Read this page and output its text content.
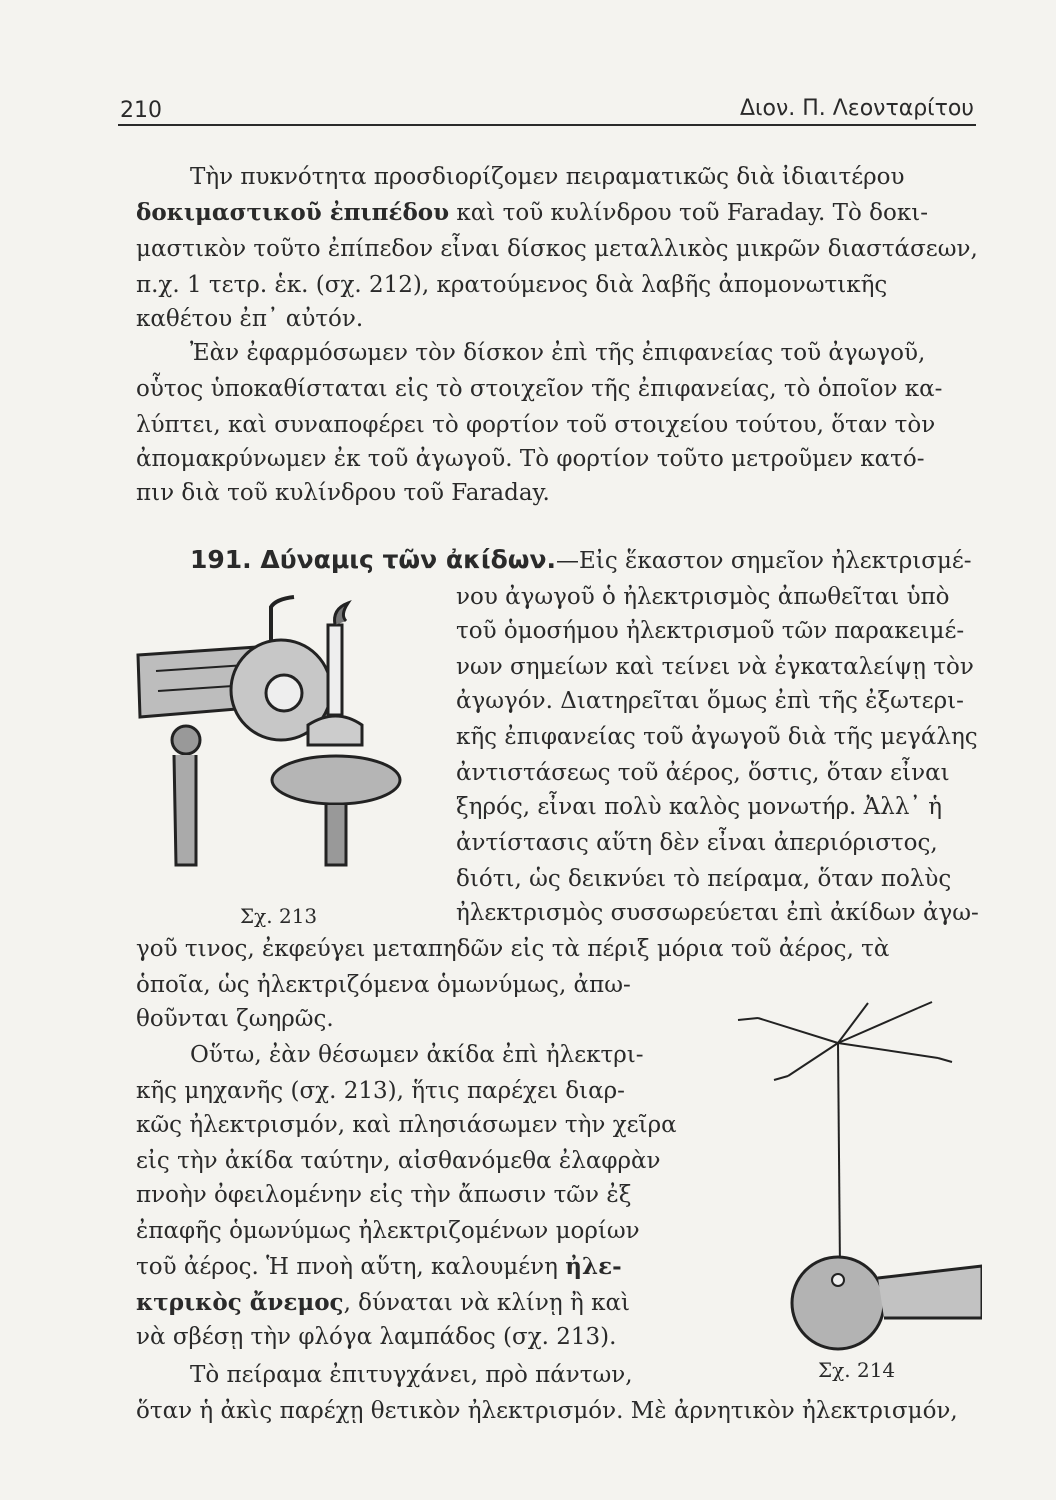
210	Διον. Π. Λεονταρίτου
Τὴν πυκνότητα προσδιορίζομεν πειραματικῶς διὰ ἰδιαιτέρου
δοκιμαστικοῦ ἐπιπέδου καὶ τοῦ κυλίνδρου τοῦ Faraday. Τὸ δοκι-
μαστικὸν τοῦτο ἐπίπεδον εἶναι δίσκος μεταλλικὸς μικρῶν διαστάσεων,
π.χ. 1 τετρ. ἑκ. (σχ. 212), κρατούμενος διὰ λαβῆς ἀπομονωτικῆς
καθέτου ἐπ᾽ αὐτόν.
Ἐὰν ἐφαρμόσωμεν τὸν δίσκον ἐπὶ τῆς ἐπιφανείας τοῦ ἀγωγοῦ,
οὗτος ὑποκαθίσταται εἰς τὸ στοιχεῖον τῆς ἐπιφανείας, τὸ ὁποῖον κα-
λύπτει, καὶ συναποφέρει τὸ φορτίον τοῦ στοιχείου τούτου, ὅταν τὸν
ἀπομακρύνωμεν ἐκ τοῦ ἀγωγοῦ. Τὸ φορτίον τοῦτο μετροῦμεν κατό-
πιν διὰ τοῦ κυλίνδρου τοῦ Faraday.
191. Δύναμις τῶν ἀκίδων.—Εἰς ἕκαστον σημεῖον ἠλεκτρισμέ-
νου ἀγωγοῦ ὁ ἠλεκτρισμὸς ἀπωθεῖται ὑπὸ
τοῦ ὁμοσήμου ἠλεκτρισμοῦ τῶν παρακειμέ-
νων σημείων καὶ τείνει νὰ ἐγκαταλείψῃ τὸν
ἀγωγόν. Διατηρεῖται ὅμως ἐπὶ τῆς ἐξωτερι-
κῆς ἐπιφανείας τοῦ ἀγωγοῦ διὰ τῆς μεγάλης
ἀντιστάσεως τοῦ ἀέρος, ὅστις, ὅταν εἶναι
ξηρός, εἶναι πολὺ καλὸς μονωτήρ. Ἀλλ᾽ ἡ
ἀντίστασις αὕτη δὲν εἶναι ἀπεριόριστος,
διότι, ὡς δεικνύει τὸ πείραμα, ὅταν πολὺς
ἠλεκτρισμὸς συσσωρεύεται ἐπὶ ἀκίδων ἀγω-
γοῦ τινος, ἐκφεύγει μεταπηδῶν εἰς τὰ πέριξ μόρια τοῦ ἀέρος, τὰ
ὁποῖα, ὡς ἠλεκτριζόμενα ὁμωνύμως, ἀπω-
θοῦνται ζωηρῶς.
Οὕτω, ἐὰν θέσωμεν ἀκίδα ἐπὶ ἠλεκτρι-
κῆς μηχανῆς (σχ. 213), ἥτις παρέχει διαρ-
κῶς ἠλεκτρισμόν, καὶ πλησιάσωμεν τὴν χεῖρα
εἰς τὴν ἀκίδα ταύτην, αἰσθανόμεθα ἐλαφρὰν
πνοὴν ὀφειλομένην εἰς τὴν ἄπωσιν τῶν ἐξ
ἐπαφῆς ὁμωνύμως ἠλεκτριζομένων μορίων
τοῦ ἀέρος. Ἡ πνοὴ αὕτη, καλουμένη ἠλε-
κτρικὸς ἄνεμος, δύναται νὰ κλίνῃ ἢ καὶ
νὰ σβέσῃ τὴν φλόγα λαμπάδος (σχ. 213).
Τὸ πείραμα ἐπιτυγχάνει, πρὸ πάντων,
ὅταν ἡ ἀκὶς παρέχῃ θετικὸν ἠλεκτρισμόν. Μὲ ἀρνητικὸν ἠλεκτρισμόν,
Σχ. 213
Σχ. 214
